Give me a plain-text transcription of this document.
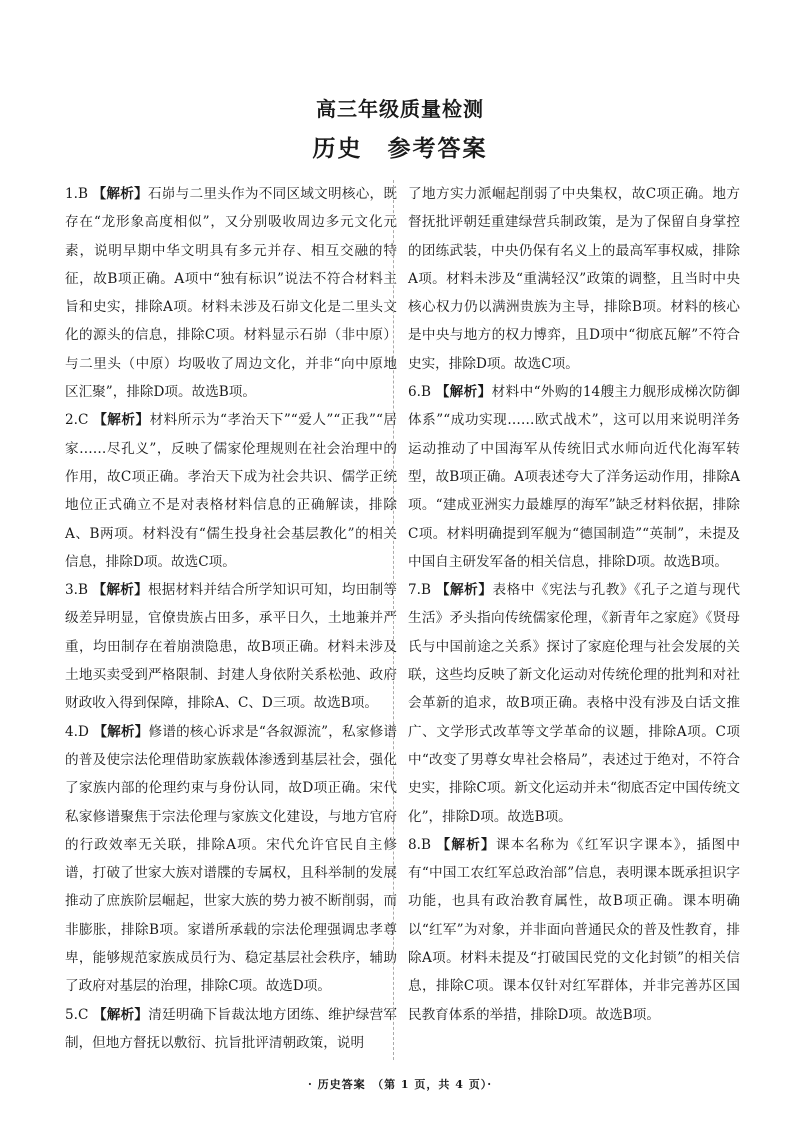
高三年级质量检测
历史　参考答案

1.B 【解析】石峁与二里头作为不同区域文明核心，既存在“龙形象高度相似”，又分别吸收周边多元文化元素，说明早期中华文明具有多元并存、相互交融的特征，故B项正确。A项中“独有标识”说法不符合材料主旨和史实，排除A项。材料未涉及石峁文化是二里头文化的源头的信息，排除C项。材料显示石峁（非中原）与二里头（中原）均吸收了周边文化，并非“向中原地区汇聚”，排除D项。故选B项。

2.C 【解析】材料所示为“孝治天下”“爱人”“正我”“居家……尽孔义”，反映了儒家伦理规则在社会治理中的作用，故C项正确。孝治天下成为社会共识、儒学正统地位正式确立不是对表格材料信息的正确解读，排除A、B两项。材料没有“儒生投身社会基层教化”的相关信息，排除D项。故选C项。

3.B 【解析】根据材料并结合所学知识可知，均田制等级差异明显，官僚贵族占田多，承平日久，土地兼并严重，均田制存在着崩溃隐患，故B项正确。材料未涉及土地买卖受到严格限制、封建人身依附关系松弛、政府财政收入得到保障，排除A、C、D三项。故选B项。

4.D 【解析】修谱的核心诉求是“各叙源流”，私家修谱的普及使宗法伦理借助家族载体渗透到基层社会，强化了家族内部的伦理约束与身份认同，故D项正确。宋代私家修谱聚焦于宗法伦理与家族文化建设，与地方官府的行政效率无关联，排除A项。宋代允许官民自主修谱，打破了世家大族对谱牒的专属权，且科举制的发展推动了庶族阶层崛起，世家大族的势力被不断削弱，而非膨胀，排除B项。家谱所承载的宗法伦理强调忠孝尊卑，能够规范家族成员行为、稳定基层社会秩序，辅助了政府对基层的治理，排除C项。故选D项。

5.C 【解析】清廷明确下旨裁汰地方团练、维护绿营军制，但地方督抚以敷衍、抗旨批评清朝政策，说明

了地方实力派崛起削弱了中央集权，故C项正确。地方督抚批评朝廷重建绿营兵制政策，是为了保留自身掌控的团练武装，中央仍保有名义上的最高军事权威，排除A项。材料未涉及“重满轻汉”政策的调整，且当时中央核心权力仍以满洲贵族为主导，排除B项。材料的核心是中央与地方的权力博弈，且D项中“彻底瓦解”不符合史实，排除D项。故选C项。

6.B 【解析】材料中“外购的14艘主力舰形成梯次防御体系”“成功实现……欧式战术”，这可以用来说明洋务运动推动了中国海军从传统旧式水师向近代化海军转型，故B项正确。A项表述夸大了洋务运动作用，排除A项。“建成亚洲实力最雄厚的海军”缺乏材料依据，排除C项。材料明确提到军舰为“德国制造”“英制”，未提及中国自主研发军备的相关信息，排除D项。故选B项。

7.B 【解析】表格中《宪法与孔教》《孔子之道与现代生活》矛头指向传统儒家伦理，《新青年之家庭》《贤母氏与中国前途之关系》探讨了家庭伦理与社会发展的关联，这些均反映了新文化运动对传统伦理的批判和对社会革新的追求，故B项正确。表格中没有涉及白话文推广、文学形式改革等文学革命的议题，排除A项。C项中“改变了男尊女卑社会格局”，表述过于绝对，不符合史实，排除C项。新文化运动并未“彻底否定中国传统文化”，排除D项。故选B项。

8.B 【解析】课本名称为《红军识字课本》，插图中有“中国工农红军总政治部”信息，表明课本既承担识字功能，也具有政治教育属性，故B项正确。课本明确以“红军”为对象，并非面向普通民众的普及性教育，排除A项。材料未提及“打破国民党的文化封锁”的相关信息，排除C项。课本仅针对红军群体，并非完善苏区国民教育体系的举措，排除D项。故选B项。

· 历史答案　（第 1 页，共 4 页）·
